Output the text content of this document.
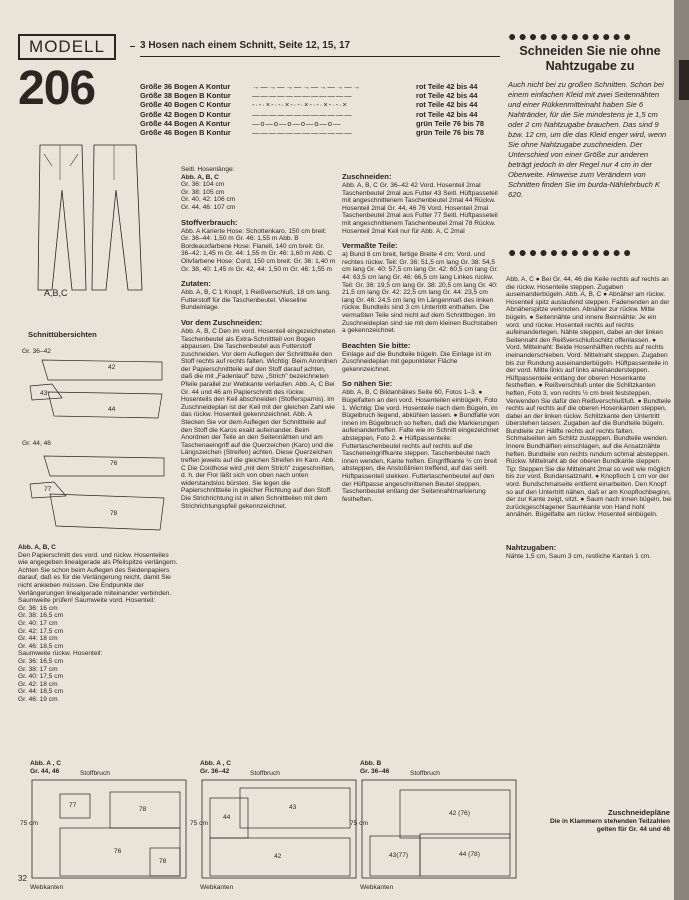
MODELL
206
3 Hosen nach einem Schnitt, Seite 12, 15, 17
Größe 36 Bogen A Kontur	→—→—→—→—→—→—→	rot Teile 42 bis 44
Größe 38 Bogen B Kontur	————————————	rot Teile 42 bis 44
Größe 40 Bogen C Kontur	-·-·×-·-·×-·-·×-·-·×-·-·×	rot Teile 42 bis 44
Größe 42 Bogen D Kontur	————————————	rot Teile 42 bis 44
Größe 44 Bogen A Kontur	—o—o—o—o—o—o—	grün Teile 76 bis 78
Größe 46 Bogen B Kontur	————————————	grün Teile 76 bis 78
A,B,C
Schnittübersichten
Gr. 36–42
Gr. 44, 46
42
43
44
76
77
78
Abb. A, B, C

Den Papierschnitt des vord. und rückw. Hosenteiles wie angegeben linealgerade als Pfeilspitze verlängern. Achten Sie schon beim Auflegen des Seidenpapiers darauf, daß es für die Verlängerung reicht, damit Sie nicht ankleben müssen. Die Endpunkte der Verlängerungen linealgerade miteinander verbinden. Saumweite prüfen! Saumweite vord. Hosenteil:

Gr. 36: 16 cm
Gr. 38: 16,5 cm
Gr. 40: 17 cm
Gr. 42: 17,5 cm
Gr. 44: 18 cm
Gr. 46: 18,5 cm

Saumweite rückw. Hosenteil:

Gr. 36: 16,5 cm
Gr. 38: 17 cm
Gr. 40: 17,5 cm
Gr. 42: 18 cm
Gr. 44: 18,5 cm
Gr. 46: 19 cm

Seitl. Hosenlänge:

Abb. A, B, C
Gr. 36: 104 cm
Gr. 38: 105 cm
Gr. 40, 42: 106 cm
Gr. 44, 46: 107 cm
Stoffverbrauch:

Abb. A Karierte Hose: Schottenkaro, 150 cm breit: Gr. 36–44: 1,50 m Gr. 46: 1,55 m Abb. B Bordeauxfarbene Hose: Flanell, 140 cm breit: Gr. 36–42: 1,45 m Gr. 44: 1,55 m Gr. 46: 1,60 m Abb. C Olivfarbene Hose: Cord, 150 cm breit: Gr. 36: 1,40 m Gr. 38, 40: 1,45 m Gr. 42, 44: 1,50 m Gr. 46: 1,55 m

Zutaten:

Abb. A, B, C 1 Knopf, 1 Reißverschluß, 18 cm lang. Futterstoff für die Taschenbeutel. Vlieseline Bundeinlage.

Vor dem Zuschneiden:

Abb. A, B, C Den im vord. Hosenteil eingezeichneten Taschenbeutel als Extra-Schnittteil von Bogen abpausen. Die Taschenbeutel aus Futterstoff zuschneiden. Vor dem Auflegen der Schnittteile den Stoff rechts auf rechts falten. Wichtig: Beim Anordnen der Papierschnittteile auf den Stoff darauf achten, daß die mit „Fadenlauf" bzw. „Strich" bezeichneten Pfeile parallel zur Webkante verlaufen. Abb. A, C Bei Gr. 44 und 46 am Papierschnitt des rückw. Hosenteils den Keil abschneiden (Stoffersparnis). Im Zuschneideplan ist der Keil mit der gleichen Zahl wie das rückw. Hosenteil gekennzeichnet. Abb. A Stecken Sie vor dem Auflegen der Schnittteile auf den Stoff die Karos exakt aufeinander. Beim Anordnen der Teile an den Seitennähten und am Taschenaeingriff auf die Querzeichen (Karo) und die Längszeichen (Streifen) achten. Diese Querzeichen treffen jeweils auf die gleichen Streifen im Karo. Abb. C Die Cordhose wird „mit dem Strich" zugeschnitten, d. h. der Flor läßt sich von oben nach unten widerstandslos bürsten. Sie legen die Papierschnittteile in gleicher Richtung auf den Stoff. Die Strichrichtung ist in allen Schnittteilen mit dem Strichrichtungspfeil gekennzeichnet.

Zuschneiden:

Abb. A, B, C Gr. 36–42 42 Vord. Hosenteil 2mal Taschenbeutel 2mal aus Futter 43 Seitl. Hüftpasseteil mit angeschnittenem Taschenbeutel 2mal 44 Rückw. Hosenteil 2mal Gr. 44, 46 76 Vord. Hosenteil 2mal Taschenbeutel 2mal aus Futter 77 Seitl. Hüftpasseteil mit angeschnittenem Taschenbeutel 2mal 78 Rückw. Hosenteil 2mal Keil nur für Abb. A, C 2mal

Vermaßte Teile:

a) Bund 8 cm breit, fertige Breite 4 cm: Vord. und rechtes rückw. Teil: Gr. 36: 51,5 cm lang Gr. 38: 54,5 cm lang Gr. 40: 57,5 cm lang Gr. 42: 60,5 cm lang Gr. 44: 63,5 cm lang Gr. 46: 66,5 cm lang Linkes rückw. Teil: Gr. 36: 19,5 cm lang Gr. 38: 20,5 cm lang Gr. 40: 21,5 cm lang Gr. 42: 22,5 cm lang Gr. 44: 23,5 cm lang Gr. 46: 24,5 cm lang Im Längenmaß des linken rückw. Bundteils sind 3 cm Untertritt enthalten. Die vermaßten Teile sind nicht auf dem Schnittbogen. Im Zuschneideplan sind sie mit dem kleinen Buchstaben a gekennzeichnet.

Beachten Sie bitte:

Einlage auf die Bundteile bügeln. Die Einlage ist im Zuschneideplan mit gepunkteter Fläche gekennzeichnet.

So nähen Sie:

Abb. A, B, C Bildanhäkes Seite 60, Fotos 1–3. ● Bügelfalten an den vord. Hosenteilen einbügeln, Foto 1. Wichtig: Die vord. Hosenteile nach dem Bügeln, im Bügelbruch liegend, abkühlen lassen. ● Bundfalte von innen im Bügelbruch so heften, daß die Markierungen aufeinandertreffen. Falte wie im Schnitt eingezeichnet absteppen, Foto 2. ● Hüftpassenteile: Futtertaschenbeutel rechts auf rechts auf die Tascheneingriffkante steppen. Taschenbeutel nach innen wenden, Kante heften. Eingriffkante ½ cm breit absteppen, die Anstoßlinien treffend, auf das seitl. Hüftpassenteil stekken. Futtertaschenbeutel auf den der Hüftpasse angeschnittenen Beutel steppen. Taschenbeutel entlang der Seitennahtmarkierung festheften.

●●●●●●●●●●●●
Schneiden Sie nie ohne Nahtzugabe zu
Auch nicht bei zu großen Schnitten. Schon bei einem einfachen Kleid mit zwei Seitennähten und einer Rükkenmitteinaht haben Sie 6 Nahtränder, für die Sie mindestens je 1,5 cm oder 2 cm Nahtzugabe brauchen. Das sind 9 bzw. 12 cm, um die das Kleid enger wird, wenn Sie ohne Nahtzugabe zuschneiden. Der Unterschied von einer Größe zur anderen beträgt jedoch in der Regel nur 4 cm in der Oberweite. Hinweise zum Verändern von Schnitten finden Sie im burda-Nählehrbuch K 620.
●●●●●●●●●●●●

Abb. A, C ● Bei Gr. 44, 46 die Keile rechts auf rechts an die rückw. Hosenteile steppen. Zugaben auseinanderbügeln. Abb. A, B, C ● Abnäher am rückw. Hosenteil spitz auslaufend steppen. Fadenenden an der Abnäherspitze verknoten. Abnäher zur rückw. Mitte bügeln. ● Seitennähte und innere Beinnähte: Je ein vord. und rückw. Hosenteil rechts auf rechts aufeinanderlegen. Nähte steppen, dabei an der linken Seitennaht den Reißverschlußschlitz offenlassen. ● Vord. Mittelnaht: Beide Hosenhälften rechts auf rechts ineinanderschieben. Vord. Mittelnaht steppen. Zugaben bis zur Rundung auseinanderbügeln. Hüftpassenteile in der vord. Mitte links auf links aneinandersteppen. Hüftpassenteile entlang der oberen Hosenkante festheften. ● Reißverschluß unter die Schlitzkanten heften, Foto 3, von rechts ½ cm breit feststeppen. Verwenden Sie dafür den Reißverschlußfuß. ● Bundteile rechts auf rechts auf die oberen Hosenkanten steppen, dabei an der linken rückw. Schlitzkante den Untertritt überstehen lassen. Zugaben auf die Bundteile bügeln. Bundteile zur Hälfte rechts auf rechts falten. Schmalseiten am Schlitz zusteppen. Bundteile wenden. Innere Bundhälften einschlagen, auf die Ansatznähte heften. Bundteile von rechts rundum schmal absteppen. Rückw. Mittelnaht ab der oberen Bundkante steppen. Tip: Steppen Sie die Mittelnaht 2mal so weit wie möglich bis zur vord. Bundansatznaht. ● Knopfloch 1 cm vor der vord. Bundschmalseite entfernt einarbeiten. Den Knopf so auf den Untertritt nähen, daß er am Knopflochbeginn, der zur Kante zeigt, sitzt. ● Saum nach innen bügeln, bei zurückgeschlagener Saumkante von Hand hohl annähen. Bügelfalte am rückw. Hosenteil einbügeln.

Nahtzugaben:

Nähte 1,5 cm, Saum 3 cm, restliche Kanten 1 cm.

Zuschneidepläne

Die in Klammern stehenden Teilzahlen gelten für Gr. 44 und 46

Abb. A , C
Gr. 44, 46	Stoffbruch
77
78
76
78
Webkanten
75 cm
Abb. A , C
Gr. 36–42	Stoffbruch
44
43
42
Webkanten
75 cm
Abb. B
Gr. 36–46	Stoffbruch
42 (76)
43(77)	44 (78)
Webkanten
75 cm
32
